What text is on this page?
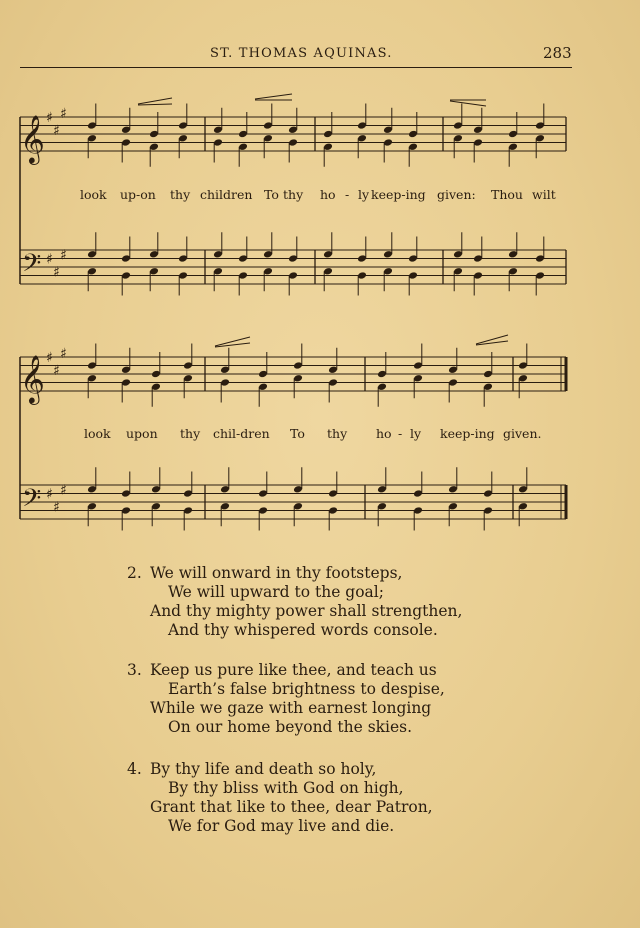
ST. THOMAS AQUINAS.	283
𝄞
𝄢
♯
♯
♯
♯
♯
♯
look up-on thy children To thy ho - ly keep-ing given: Thou wilt
𝄞
𝄢
♯
♯
♯
♯
♯
♯
look upon thy chil-dren To thy ho - ly keep-ing given.
2. We will onward in thy footsteps,
We will upward to the goal;
And thy mighty power shall strengthen,
And thy whispered words console.
3. Keep us pure like thee, and teach us
Earth’s false brightness to despise,
While we gaze with earnest longing
On our home beyond the skies.
4. By thy life and death so holy,
By thy bliss with God on high,
Grant that like to thee, dear Patron,
We for God may live and die.
